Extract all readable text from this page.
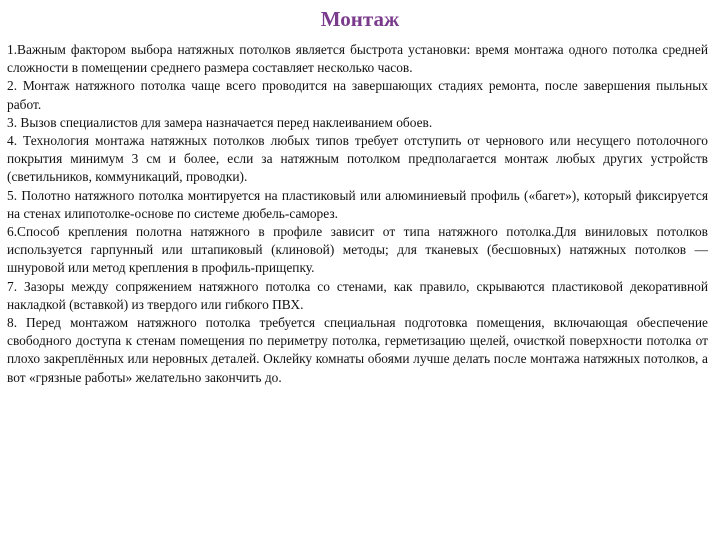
Монтаж

1.Важным фактором выбора натяжных потолков является быстрота установки: время монтажа одного потолка средней сложности в помещении среднего размера составляет несколько часов.

2. Монтаж натяжного потолка чаще всего проводится на завершающих стадиях ремонта, после завершения пыльных работ.

3. Вызов специалистов для замера назначается перед наклеиванием обоев.

4. Технология монтажа натяжных потолков любых типов требует отступить от чернового или несущего потолочного покрытия минимум 3 см и более, если за натяжным потолком предполагается монтаж любых других устройств (светильников, коммуникаций, проводки).

5. Полотно натяжного потолка монтируется на пластиковый или алюминиевый профиль («багет»), который фиксируется на стенах илипотолке-основе по системе дюбель-саморез.

6.Способ крепления полотна натяжного в профиле зависит от типа натяжного потолка.Для виниловых потолков используется гарпунный или штапиковый (клиновой) методы; для тканевых (бесшовных) натяжных потолков — шнуровой или метод крепления в профиль-прищепку.

7. Зазоры между сопряжением натяжного потолка со стенами, как правило, скрываются пластиковой декоративной накладкой (вставкой) из твердого или гибкого ПВХ.

8. Перед монтажом натяжного потолка требуется специальная подготовка помещения, включающая обеспечение свободного доступа к стенам помещения по периметру потолка, герметизацию щелей, очисткой поверхности потолка от плохо закреплённых или неровных деталей. Оклейку комнаты обоями лучше делать после монтажа натяжных потолков, а вот «грязные работы» желательно закончить до.
